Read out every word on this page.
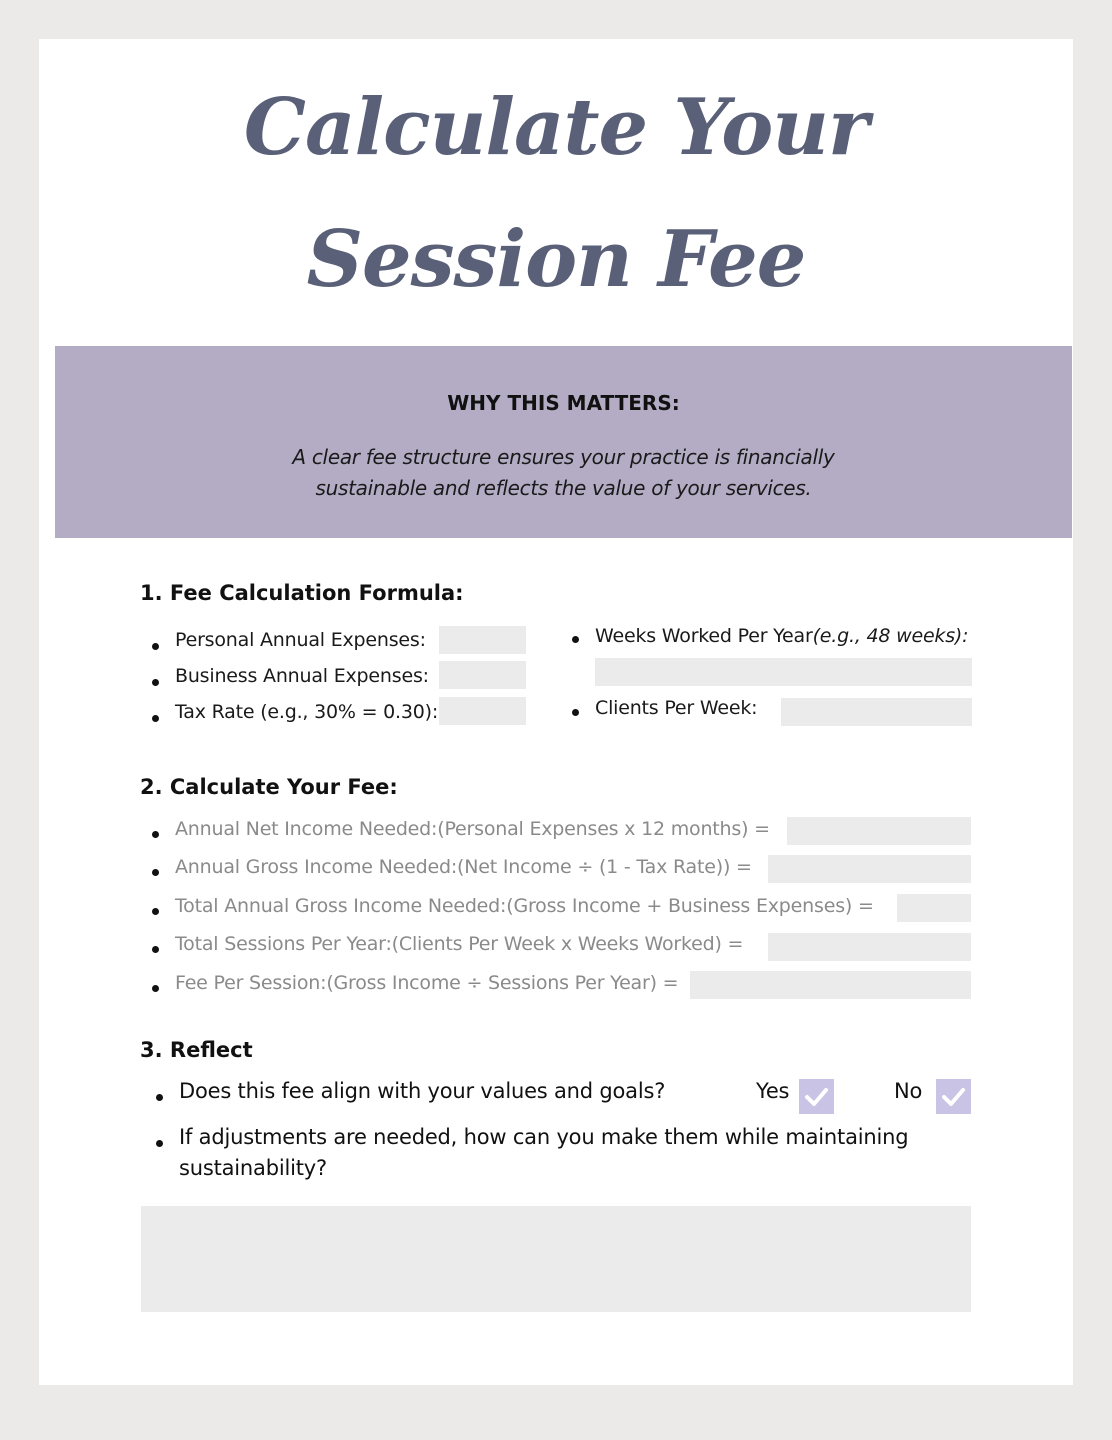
Calculate Your
Session Fee
WHY THIS MATTERS:
A clear fee structure ensures your practice is financially
sustainable and reflects the value of your services.
1. Fee Calculation Formula:
Personal Annual Expenses:
Business Annual Expenses:
Tax Rate (e.g., 30% = 0.30):
Weeks Worked Per Year(e.g., 48 weeks):
Clients Per Week:
2. Calculate Your Fee:
Annual Net Income Needed:(Personal Expenses x 12 months) =
Annual Gross Income Needed:(Net Income ÷ (1 - Tax Rate)) =
Total Annual Gross Income Needed:(Gross Income + Business Expenses) =
Total Sessions Per Year:(Clients Per Week x Weeks Worked) =
Fee Per Session:(Gross Income ÷ Sessions Per Year) =
3. Reflect
Does this fee align with your values and goals?	Yes	No
If adjustments are needed, how can you make them while maintaining
sustainability?
